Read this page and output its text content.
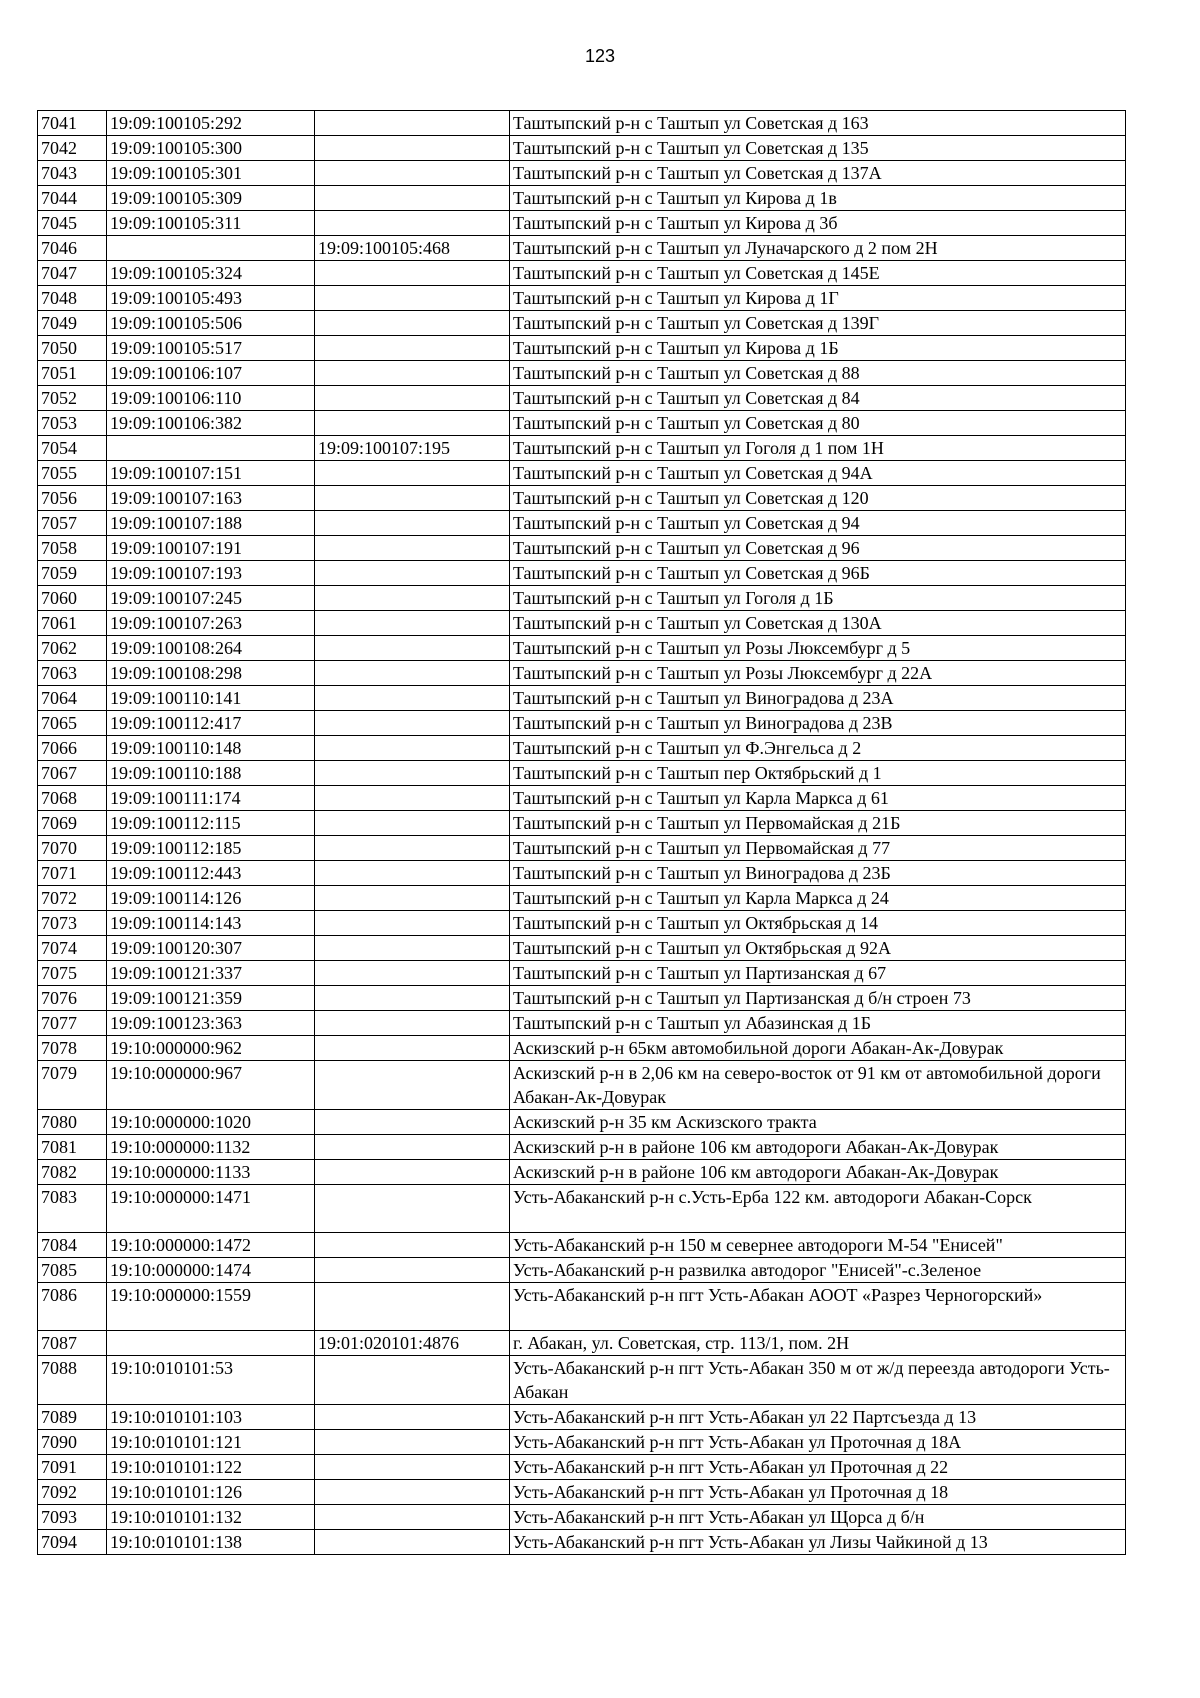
123
7041	19:09:100105:292		Таштыпский р-н с Таштып ул Советская д 163
7042	19:09:100105:300		Таштыпский р-н с Таштып ул Советская д 135
7043	19:09:100105:301		Таштыпский р-н с Таштып ул Советская д 137А
7044	19:09:100105:309		Таштыпский р-н с Таштып ул Кирова д 1в
7045	19:09:100105:311		Таштыпский р-н с Таштып ул Кирова д 3б
7046		19:09:100105:468	Таштыпский р-н с Таштып ул Луначарского д 2 пом 2Н
7047	19:09:100105:324		Таштыпский р-н с Таштып ул Советская д 145Е
7048	19:09:100105:493		Таштыпский р-н с Таштып ул Кирова д 1Г
7049	19:09:100105:506		Таштыпский р-н с Таштып ул Советская д 139Г
7050	19:09:100105:517		Таштыпский р-н с Таштып ул Кирова д 1Б
7051	19:09:100106:107		Таштыпский р-н с Таштып ул Советская д 88
7052	19:09:100106:110		Таштыпский р-н с Таштып ул Советская д 84
7053	19:09:100106:382		Таштыпский р-н с Таштып ул Советская д 80
7054		19:09:100107:195	Таштыпский р-н с Таштып ул Гоголя д 1 пом 1Н
7055	19:09:100107:151		Таштыпский р-н с Таштып ул Советская д 94А
7056	19:09:100107:163		Таштыпский р-н с Таштып ул Советская д 120
7057	19:09:100107:188		Таштыпский р-н с Таштып ул Советская д 94
7058	19:09:100107:191		Таштыпский р-н с Таштып ул Советская д 96
7059	19:09:100107:193		Таштыпский р-н с Таштып ул Советская д 96Б
7060	19:09:100107:245		Таштыпский р-н с Таштып ул Гоголя д 1Б
7061	19:09:100107:263		Таштыпский р-н с Таштып ул Советская д 130А
7062	19:09:100108:264		Таштыпский р-н с Таштып ул Розы Люксембург д 5
7063	19:09:100108:298		Таштыпский р-н с Таштып ул Розы Люксембург д 22А
7064	19:09:100110:141		Таштыпский р-н с Таштып ул Виноградова д 23А
7065	19:09:100112:417		Таштыпский р-н с Таштып ул Виноградова д 23В
7066	19:09:100110:148		Таштыпский р-н с Таштып ул Ф.Энгельса д 2
7067	19:09:100110:188		Таштыпский р-н с Таштып пер Октябрьский д 1
7068	19:09:100111:174		Таштыпский р-н с Таштып ул Карла Маркса д 61
7069	19:09:100112:115		Таштыпский р-н с Таштып ул Первомайская д 21Б
7070	19:09:100112:185		Таштыпский р-н с Таштып ул Первомайская д 77
7071	19:09:100112:443		Таштыпский р-н с Таштып ул Виноградова д 23Б
7072	19:09:100114:126		Таштыпский р-н с Таштып ул Карла Маркса д 24
7073	19:09:100114:143		Таштыпский р-н с Таштып ул Октябрьская д 14
7074	19:09:100120:307		Таштыпский р-н с Таштып ул Октябрьская д 92А
7075	19:09:100121:337		Таштыпский р-н с Таштып ул Партизанская д 67
7076	19:09:100121:359		Таштыпский р-н с Таштып ул Партизанская д б/н строен 73
7077	19:09:100123:363		Таштыпский р-н с Таштып ул Абазинская д 1Б
7078	19:10:000000:962		Аскизский р-н 65км автомобильной дороги Абакан-Ак-Довурак
7079	19:10:000000:967		Аскизский р-н в 2,06 км на северо-восток от 91 км от автомобильной дороги Абакан-Ак-Довурак
7080	19:10:000000:1020		Аскизский р-н 35 км Аскизского тракта
7081	19:10:000000:1132		Аскизский р-н в районе 106 км автодороги Абакан-Ак-Довурак
7082	19:10:000000:1133		Аскизский р-н в районе 106 км автодороги Абакан-Ак-Довурак
7083	19:10:000000:1471		Усть-Абаканский р-н с.Усть-Ерба 122 км. автодороги Абакан-Сорск
7084	19:10:000000:1472		Усть-Абаканский р-н 150 м севернее автодороги М-54 "Енисей"
7085	19:10:000000:1474		Усть-Абаканский р-н развилка автодорог "Енисей"-с.Зеленое
7086	19:10:000000:1559		Усть-Абаканский р-н пгт Усть-Абакан АООТ «Разрез Черногорский»
7087		19:01:020101:4876	г. Абакан, ул. Советская, стр. 113/1, пом. 2Н
7088	19:10:010101:53		Усть-Абаканский р-н пгт Усть-Абакан 350 м от ж/д переезда автодороги Усть-Абакан
7089	19:10:010101:103		Усть-Абаканский р-н пгт Усть-Абакан ул 22 Партсъезда д 13
7090	19:10:010101:121		Усть-Абаканский р-н пгт Усть-Абакан ул Проточная д 18А
7091	19:10:010101:122		Усть-Абаканский р-н пгт Усть-Абакан ул Проточная д 22
7092	19:10:010101:126		Усть-Абаканский р-н пгт Усть-Абакан ул Проточная д 18
7093	19:10:010101:132		Усть-Абаканский р-н пгт Усть-Абакан ул Щорса д б/н
7094	19:10:010101:138		Усть-Абаканский р-н пгт Усть-Абакан ул Лизы Чайкиной д 13
